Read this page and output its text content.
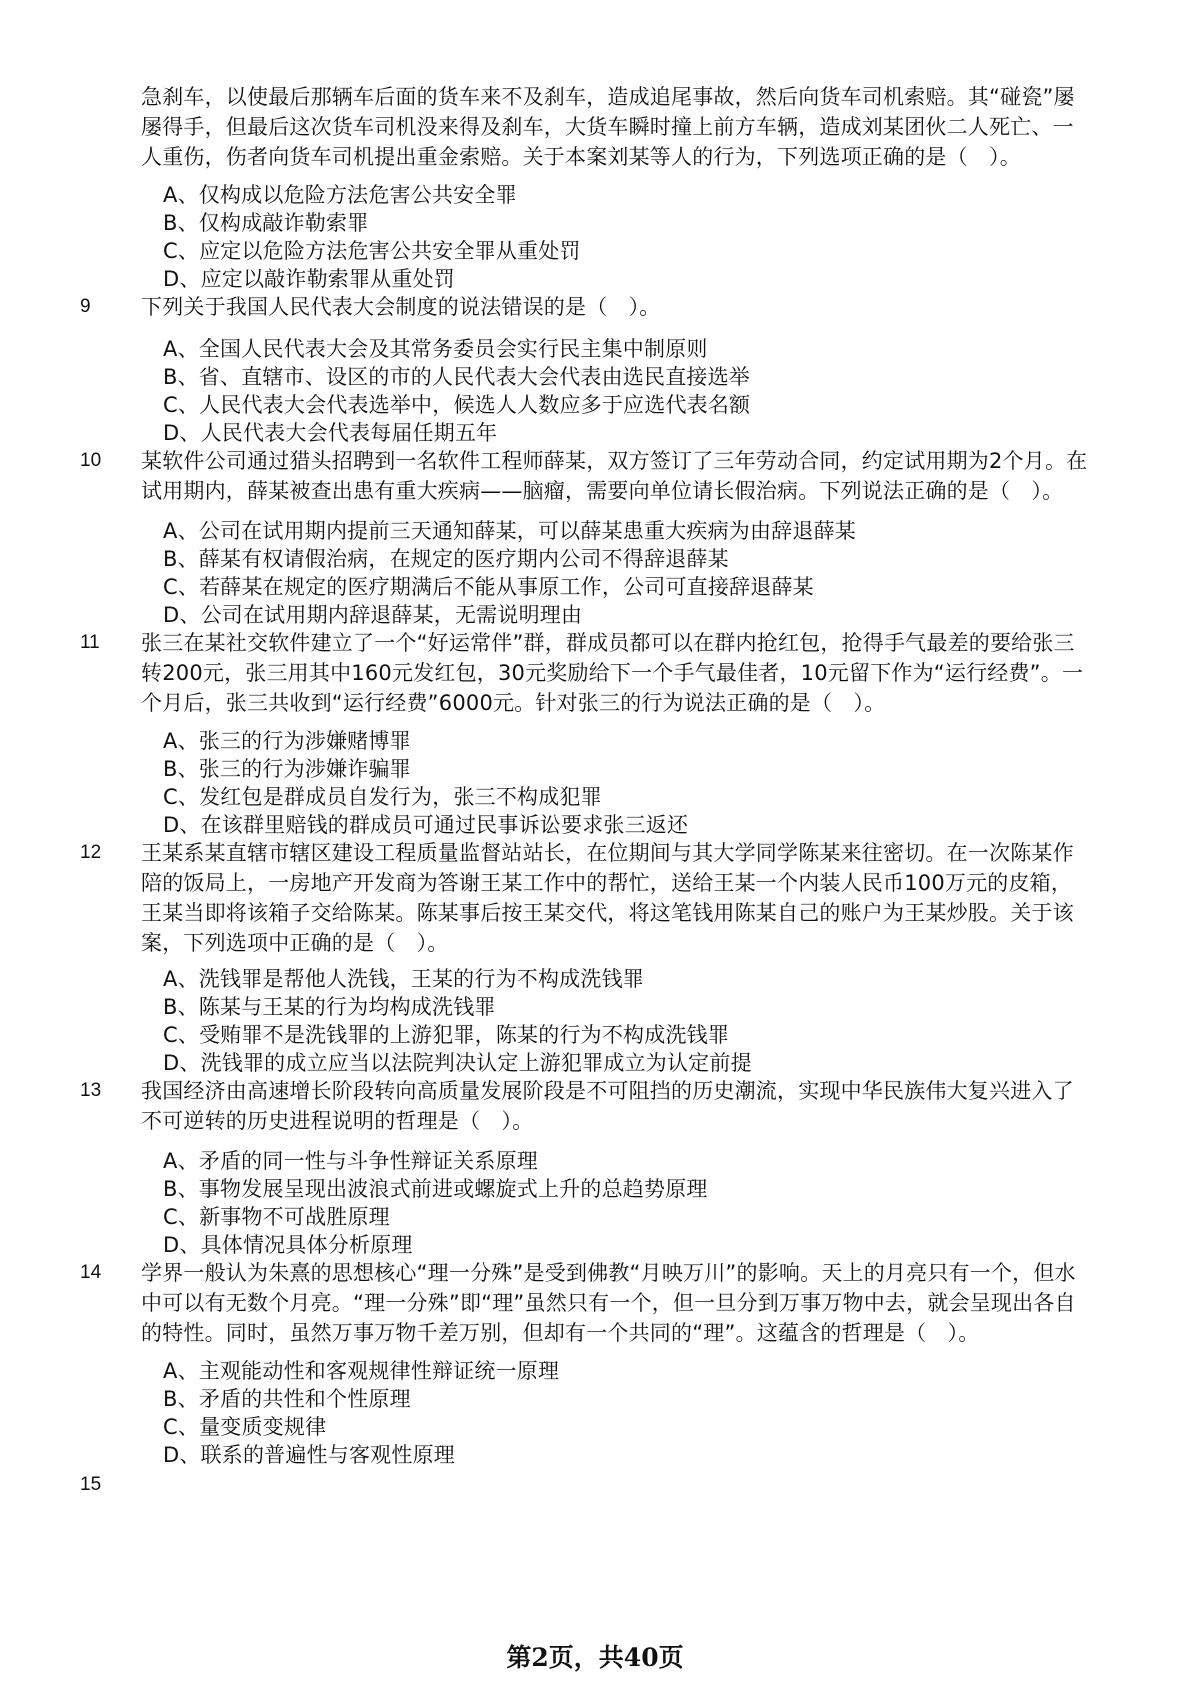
急刹车，以使最后那辆车后面的货车来不及刹车，造成追尾事故，然后向货车司机索赔。其“碰瓷”屡屡得手，但最后这次货车司机没来得及刹车，大货车瞬时撞上前方车辆，造成刘某团伙二人死亡、一人重伤，伤者向货车司机提出重金索赔。关于本案刘某等人的行为，下列选项正确的是（　）。
A、仅构成以危险方法危害公共安全罪
B、仅构成敲诈勒索罪
C、应定以危险方法危害公共安全罪从重处罚
D、应定以敲诈勒索罪从重处罚
9	下列关于我国人民代表大会制度的说法错误的是（　）。
A、全国人民代表大会及其常务委员会实行民主集中制原则
B、省、直辖市、设区的市的人民代表大会代表由选民直接选举
C、人民代表大会代表选举中，候选人人数应多于应选代表名额
D、人民代表大会代表每届任期五年
10	某软件公司通过猎头招聘到一名软件工程师薛某，双方签订了三年劳动合同，约定试用期为2个月。在试用期内，薛某被查出患有重大疾病——脑瘤，需要向单位请长假治病。下列说法正确的是（　）。
A、公司在试用期内提前三天通知薛某，可以薛某患重大疾病为由辞退薛某
B、薛某有权请假治病，在规定的医疗期内公司不得辞退薛某
C、若薛某在规定的医疗期满后不能从事原工作，公司可直接辞退薛某
D、公司在试用期内辞退薛某，无需说明理由
11	张三在某社交软件建立了一个“好运常伴”群，群成员都可以在群内抢红包，抢得手气最差的要给张三转200元，张三用其中160元发红包，30元奖励给下一个手气最佳者，10元留下作为“运行经费”。一个月后，张三共收到“运行经费”6000元。针对张三的行为说法正确的是（　）。
A、张三的行为涉嫌赌博罪
B、张三的行为涉嫌诈骗罪
C、发红包是群成员自发行为，张三不构成犯罪
D、在该群里赔钱的群成员可通过民事诉讼要求张三返还
12	王某系某直辖市辖区建设工程质量监督站站长，在位期间与其大学同学陈某来往密切。在一次陈某作陪的饭局上，一房地产开发商为答谢王某工作中的帮忙，送给王某一个内装人民币100万元的皮箱，王某当即将该箱子交给陈某。陈某事后按王某交代，将这笔钱用陈某自己的账户为王某炒股。关于该案，下列选项中正确的是（　）。
A、洗钱罪是帮他人洗钱，王某的行为不构成洗钱罪
B、陈某与王某的行为均构成洗钱罪
C、受贿罪不是洗钱罪的上游犯罪，陈某的行为不构成洗钱罪
D、洗钱罪的成立应当以法院判决认定上游犯罪成立为认定前提
13	我国经济由高速增长阶段转向高质量发展阶段是不可阻挡的历史潮流，实现中华民族伟大复兴进入了不可逆转的历史进程说明的哲理是（　）。
A、矛盾的同一性与斗争性辩证关系原理
B、事物发展呈现出波浪式前进或螺旋式上升的总趋势原理
C、新事物不可战胜原理
D、具体情况具体分析原理
14	学界一般认为朱熹的思想核心“理一分殊”是受到佛教“月映万川”的影响。天上的月亮只有一个，但水中可以有无数个月亮。“理一分殊”即“理”虽然只有一个，但一旦分到万事万物中去，就会呈现出各自的特性。同时，虽然万事万物千差万别，但却有一个共同的“理”。这蕴含的哲理是（　）。
A、主观能动性和客观规律性辩证统一原理
B、矛盾的共性和个性原理
C、量变质变规律
D、联系的普遍性与客观性原理
15
第2页，共40页
